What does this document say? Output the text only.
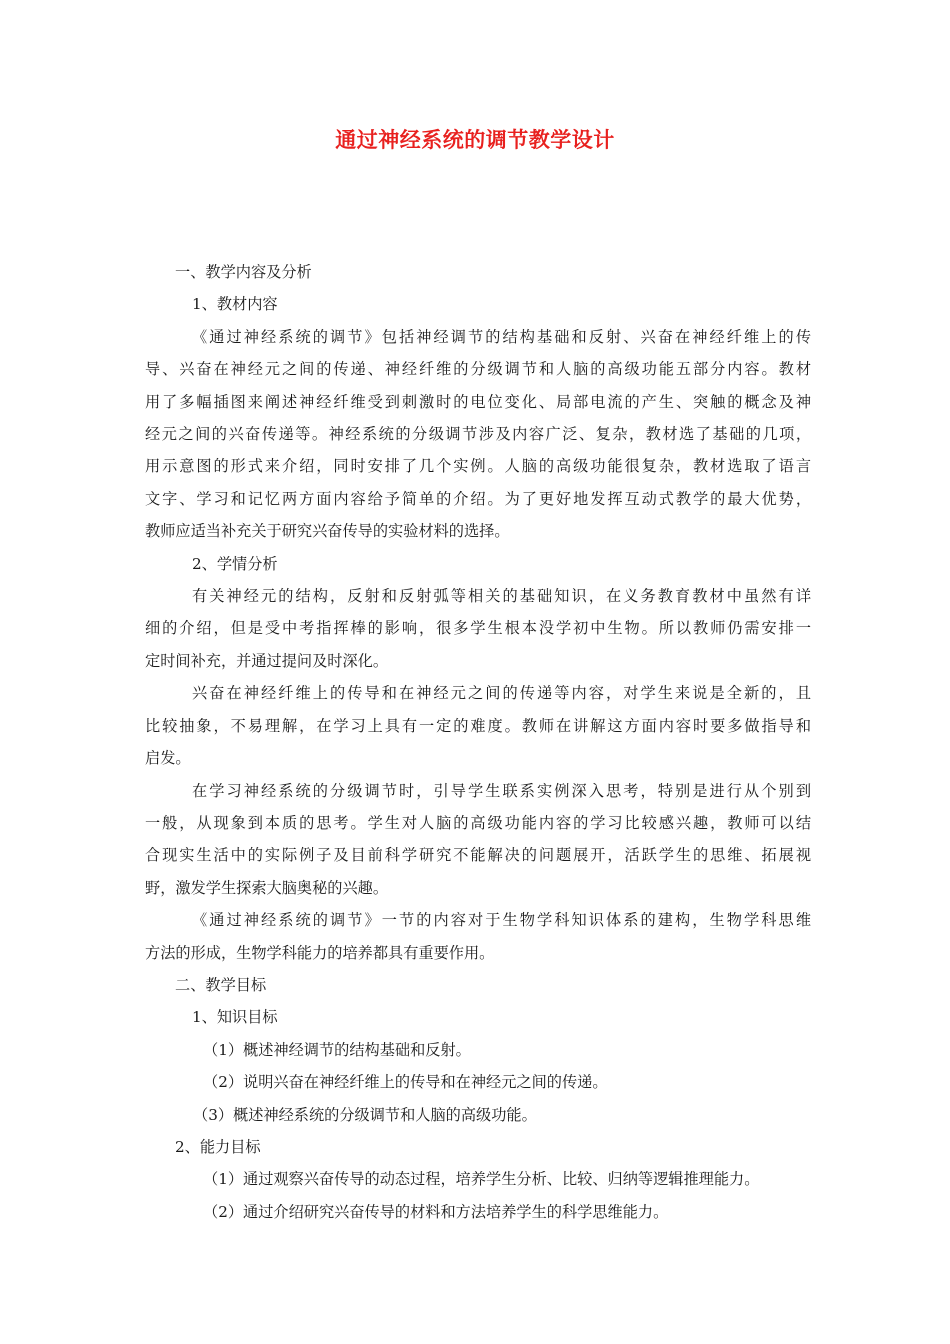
通过神经系统的调节教学设计

一、教学内容及分析

1、教材内容

《通过神经系统的调节》包括神经调节的结构基础和反射、兴奋在神经纤维上的传

导、兴奋在神经元之间的传递、神经纤维的分级调节和人脑的高级功能五部分内容。教材

用了多幅插图来阐述神经纤维受到刺激时的电位变化、局部电流的产生、突触的概念及神

经元之间的兴奋传递等。神经系统的分级调节涉及内容广泛、复杂，教材选了基础的几项，

用示意图的形式来介绍，同时安排了几个实例。人脑的高级功能很复杂，教材选取了语言

文字、学习和记忆两方面内容给予简单的介绍。为了更好地发挥互动式教学的最大优势，

教师应适当补充关于研究兴奋传导的实验材料的选择。

2、学情分析

有关神经元的结构，反射和反射弧等相关的基础知识，在义务教育教材中虽然有详

细的介绍，但是受中考指挥棒的影响，很多学生根本没学初中生物。所以教师仍需安排一

定时间补充，并通过提问及时深化。

兴奋在神经纤维上的传导和在神经元之间的传递等内容，对学生来说是全新的，且

比较抽象，不易理解，在学习上具有一定的难度。教师在讲解这方面内容时要多做指导和

启发。

在学习神经系统的分级调节时，引导学生联系实例深入思考，特别是进行从个别到

一般，从现象到本质的思考。学生对人脑的高级功能内容的学习比较感兴趣，教师可以结

合现实生活中的实际例子及目前科学研究不能解决的问题展开，活跃学生的思维、拓展视

野，激发学生探索大脑奥秘的兴趣。

《通过神经系统的调节》一节的内容对于生物学科知识体系的建构，生物学科思维

方法的形成，生物学科能力的培养都具有重要作用。

二、教学目标

1、知识目标

（1）概述神经调节的结构基础和反射。

（2）说明兴奋在神经纤维上的传导和在神经元之间的传递。

（3）概述神经系统的分级调节和人脑的高级功能。

2、能力目标

（1）通过观察兴奋传导的动态过程，培养学生分析、比较、归纳等逻辑推理能力。

（2）通过介绍研究兴奋传导的材料和方法培养学生的科学思维能力。
